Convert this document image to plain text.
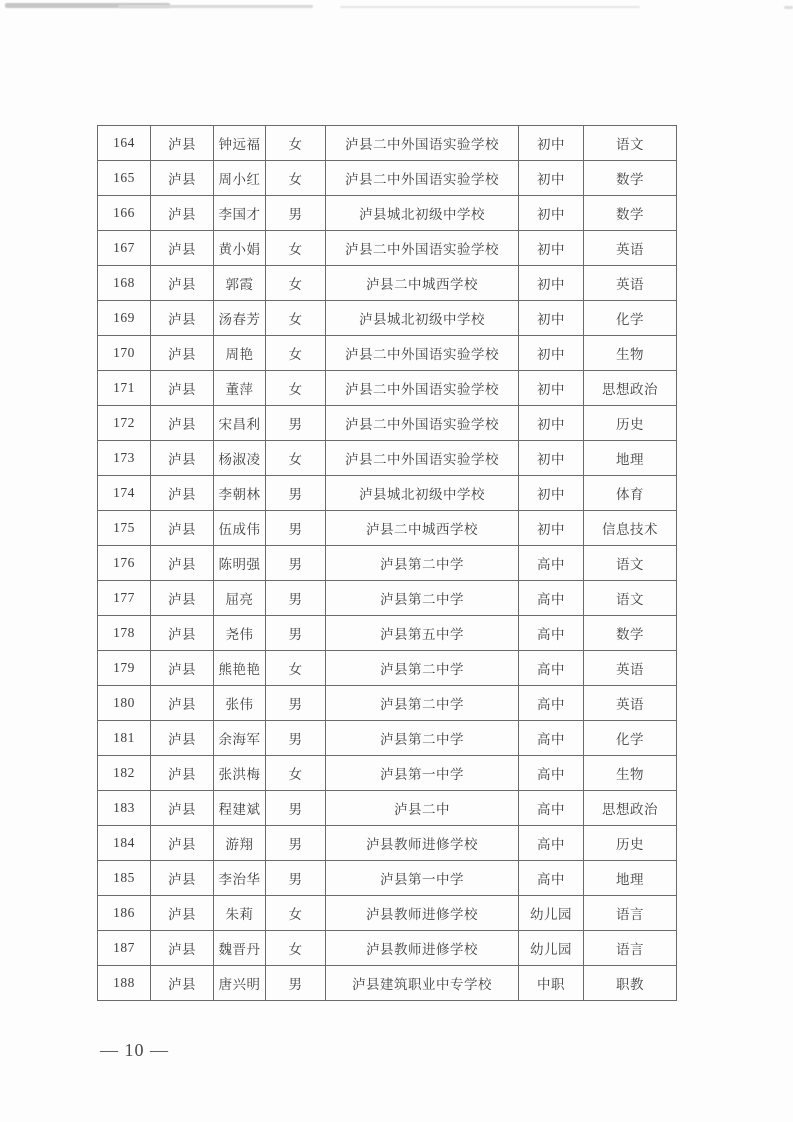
164	泸县	钟远福	女	泸县二中外国语实验学校	初中	语文
165	泸县	周小红	女	泸县二中外国语实验学校	初中	数学
166	泸县	李国才	男	泸县城北初级中学校	初中	数学
167	泸县	黄小娟	女	泸县二中外国语实验学校	初中	英语
168	泸县	郭霞	女	泸县二中城西学校	初中	英语
169	泸县	汤春芳	女	泸县城北初级中学校	初中	化学
170	泸县	周艳	女	泸县二中外国语实验学校	初中	生物
171	泸县	董萍	女	泸县二中外国语实验学校	初中	思想政治
172	泸县	宋昌利	男	泸县二中外国语实验学校	初中	历史
173	泸县	杨淑凌	女	泸县二中外国语实验学校	初中	地理
174	泸县	李朝林	男	泸县城北初级中学校	初中	体育
175	泸县	伍成伟	男	泸县二中城西学校	初中	信息技术
176	泸县	陈明强	男	泸县第二中学	高中	语文
177	泸县	屈亮	男	泸县第二中学	高中	语文
178	泸县	尧伟	男	泸县第五中学	高中	数学
179	泸县	熊艳艳	女	泸县第二中学	高中	英语
180	泸县	张伟	男	泸县第二中学	高中	英语
181	泸县	余海军	男	泸县第二中学	高中	化学
182	泸县	张洪梅	女	泸县第一中学	高中	生物
183	泸县	程建斌	男	泸县二中	高中	思想政治
184	泸县	游翔	男	泸县教师进修学校	高中	历史
185	泸县	李治华	男	泸县第一中学	高中	地理
186	泸县	朱莉	女	泸县教师进修学校	幼儿园	语言
187	泸县	魏晋丹	女	泸县教师进修学校	幼儿园	语言
188	泸县	唐兴明	男	泸县建筑职业中专学校	中职	职教
— 10 —
